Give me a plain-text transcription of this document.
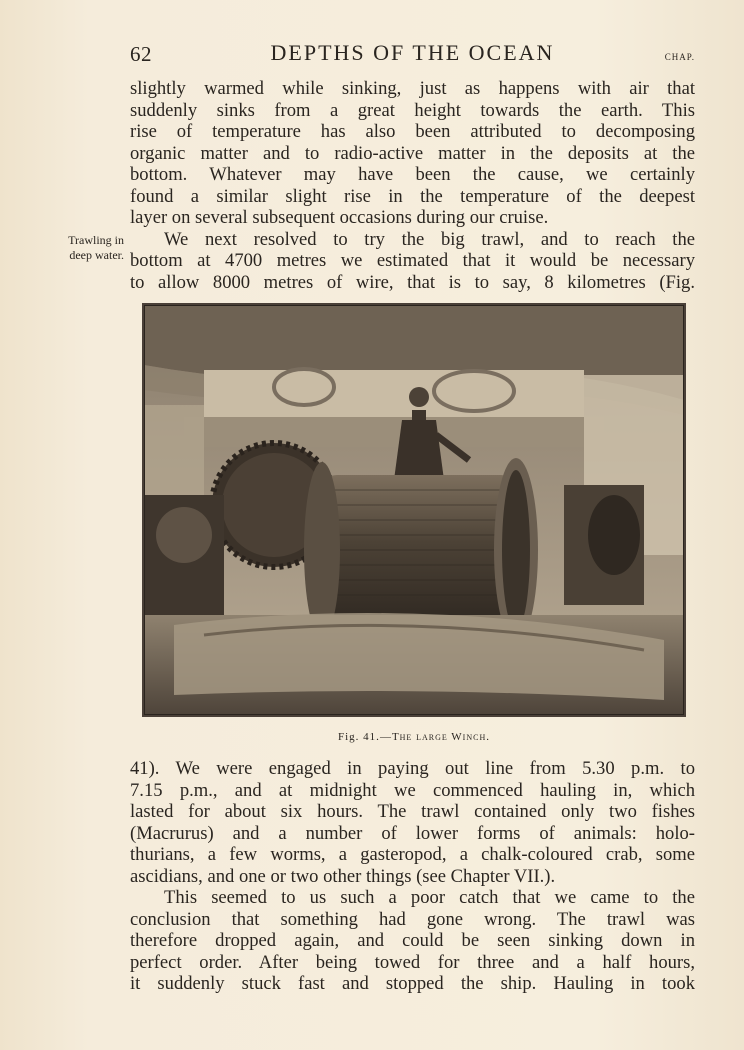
62	DEPTHS OF THE OCEAN	CHAP.
Trawling in
deep water.

slightly warmed while sinking, just as happens with air that
suddenly sinks from a great height towards the earth. This
rise of temperature has also been attributed to decomposing
organic matter and to radio-active matter in the deposits at the
bottom. Whatever may have been the cause, we certainly
found a similar slight rise in the temperature of the deepest
layer on several subsequent occasions during our cruise.

We next resolved to try the big trawl, and to reach the
bottom at 4700 metres we estimated that it would be necessary
to allow 8000 metres of wire, that is to say, 8 kilometres (Fig.

Fig. 41.—The large Winch.

41). We were engaged in paying out line from 5.30 p.m. to
7.15 p.m., and at midnight we commenced hauling in, which
lasted for about six hours. The trawl contained only two fishes
(Macrurus) and a number of lower forms of animals: holo-
thurians, a few worms, a gasteropod, a chalk-coloured crab, some
ascidians, and one or two other things (see Chapter VII.).

This seemed to us such a poor catch that we came to the
conclusion that something had gone wrong. The trawl was
therefore dropped again, and could be seen sinking down in
perfect order. After being towed for three and a half hours,
it suddenly stuck fast and stopped the ship. Hauling in took
